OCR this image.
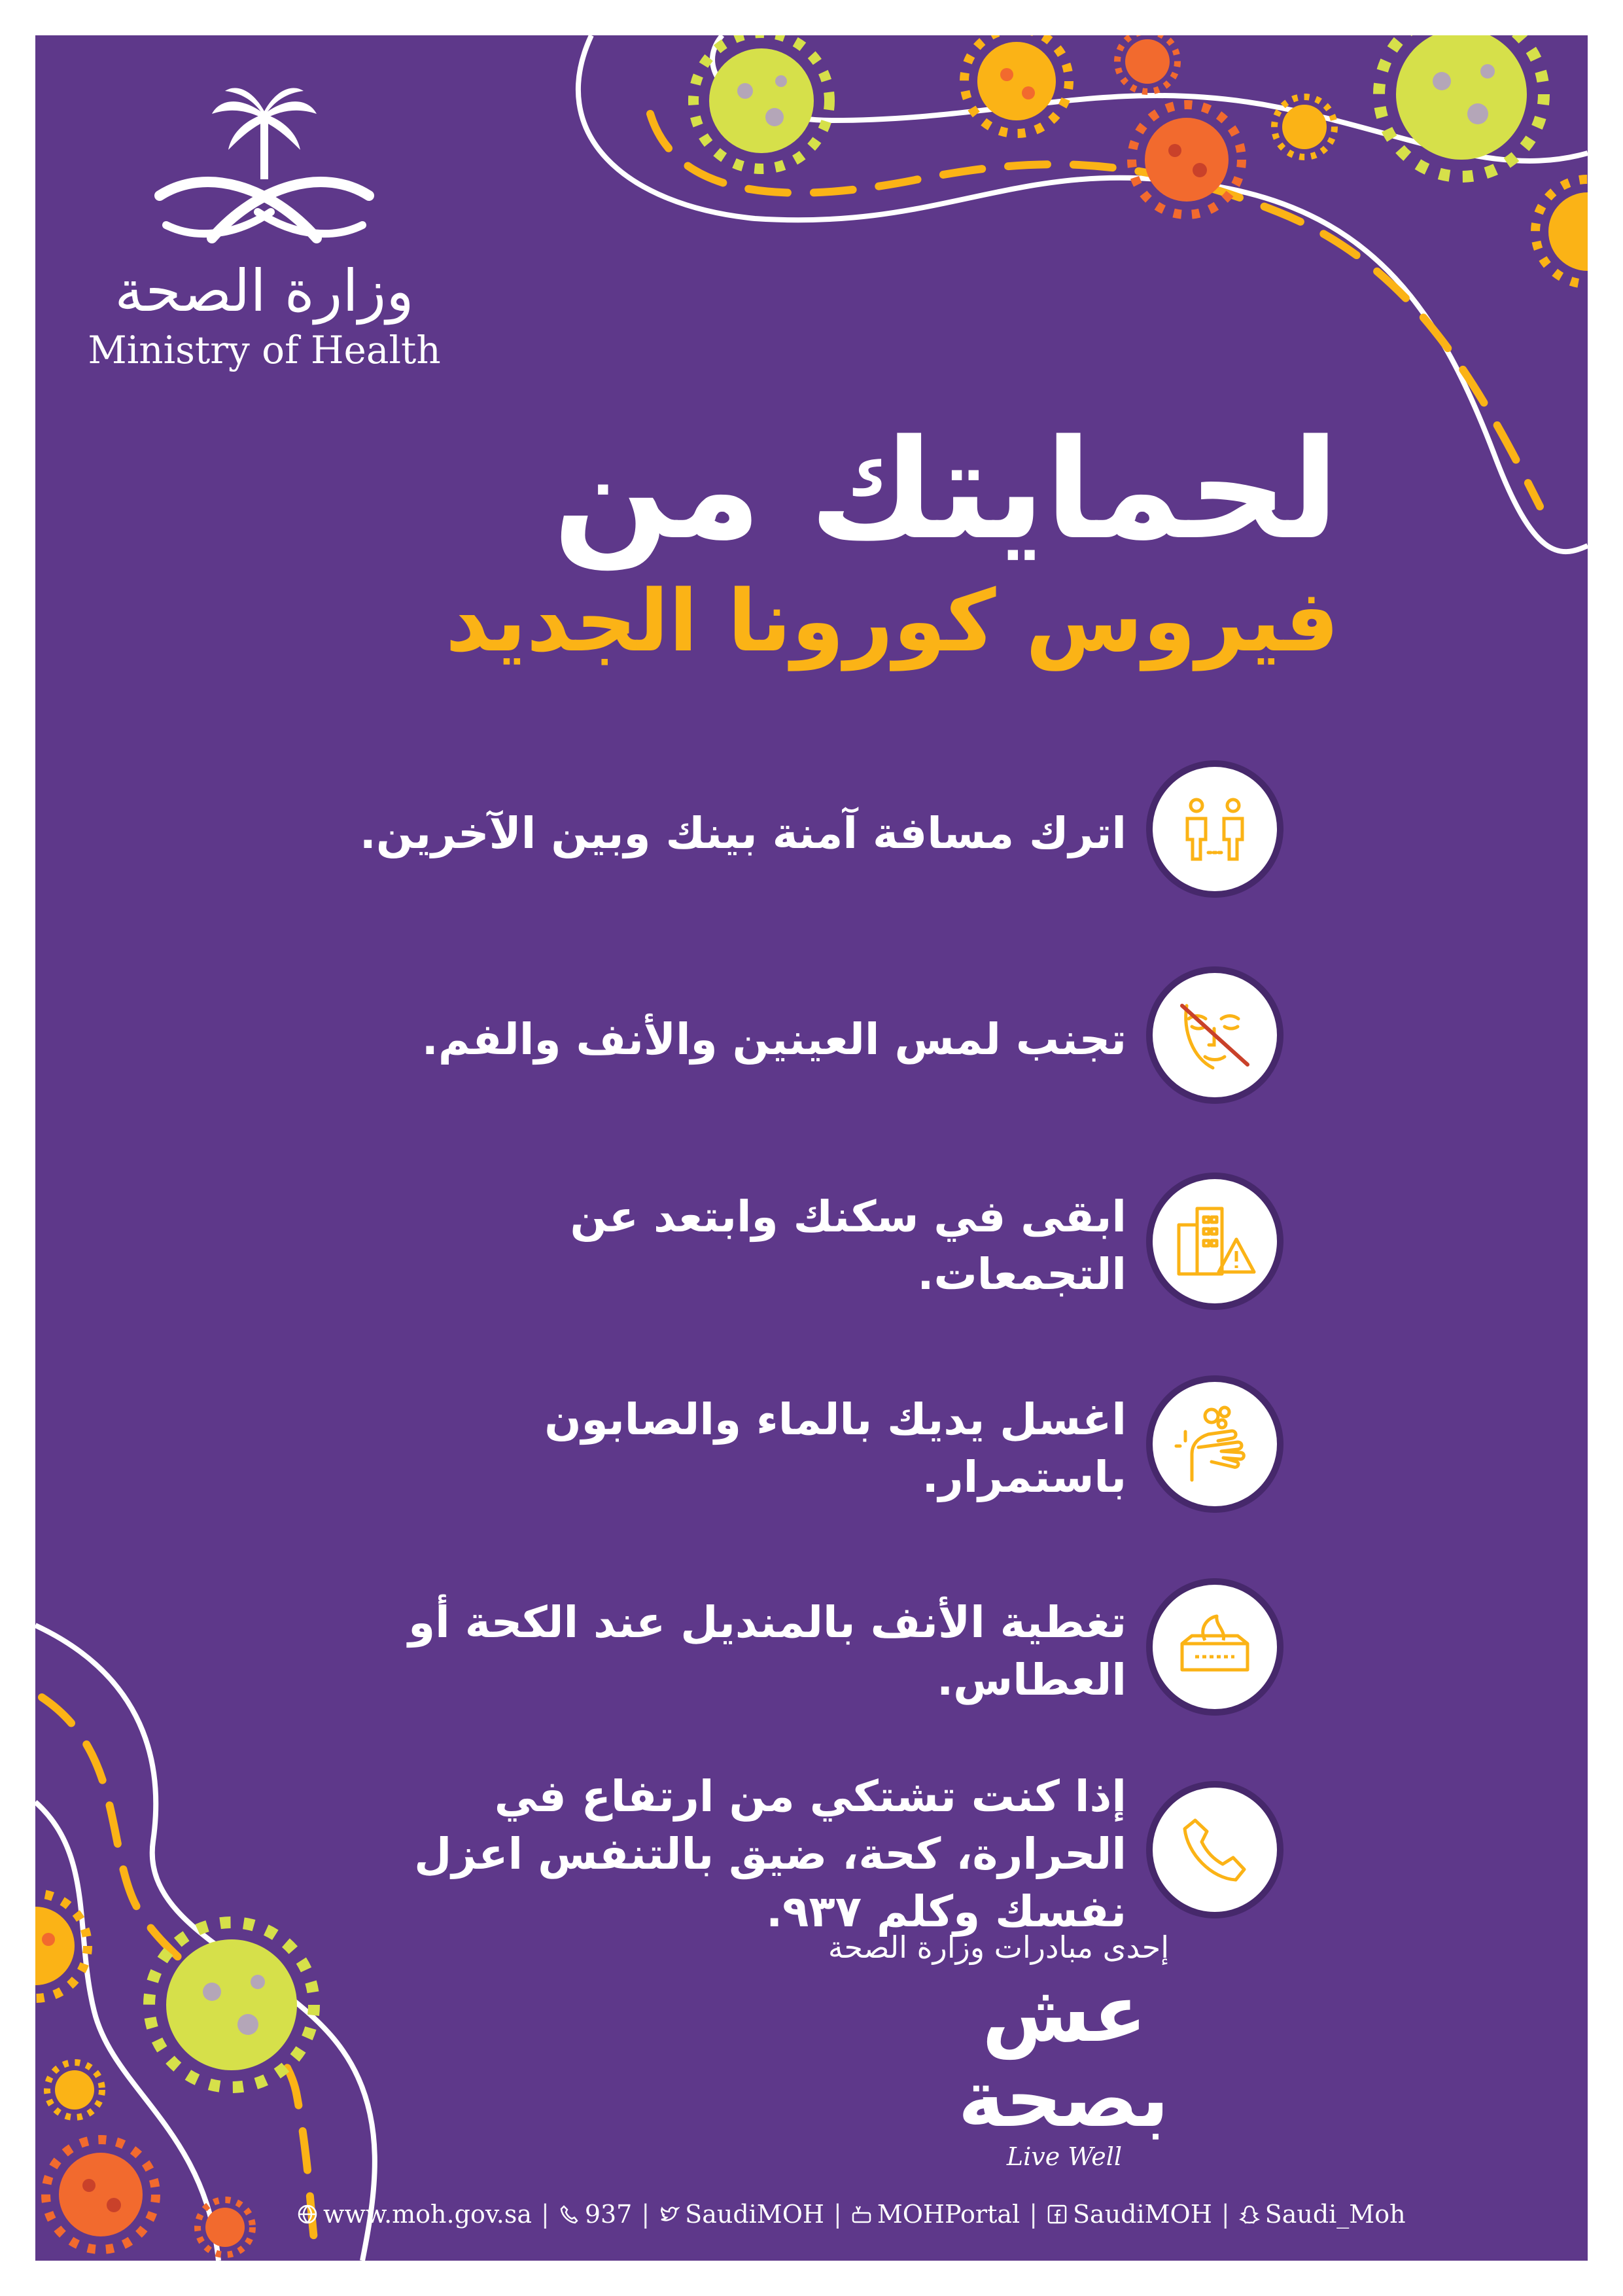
وزارة الصحة
Ministry of Health
لحمايتك من
فيروس كورونا الجديد
اترك مسافة آمنة بينك وبين الآخرين.
تجنب لمس العينين والأنف والفم.
ابقى في سكنك وابتعد عن التجمعات.
اغسل يديك بالماء والصابون باستمرار.
تغطية الأنف بالمنديل عند الكحة أو العطاس.
إذا كنت تشتكي من ارتفاع في الحرارة، كحة، ضيق بالتنفس اعزل نفسك وكلم ٩٣٧.
إحدى مبادرات وزارة الصحة
عش بصحة
Live Well
www.moh.gov.sa | 937 | SaudiMOH | MOHPortal | SaudiMOH | Saudi_Moh
